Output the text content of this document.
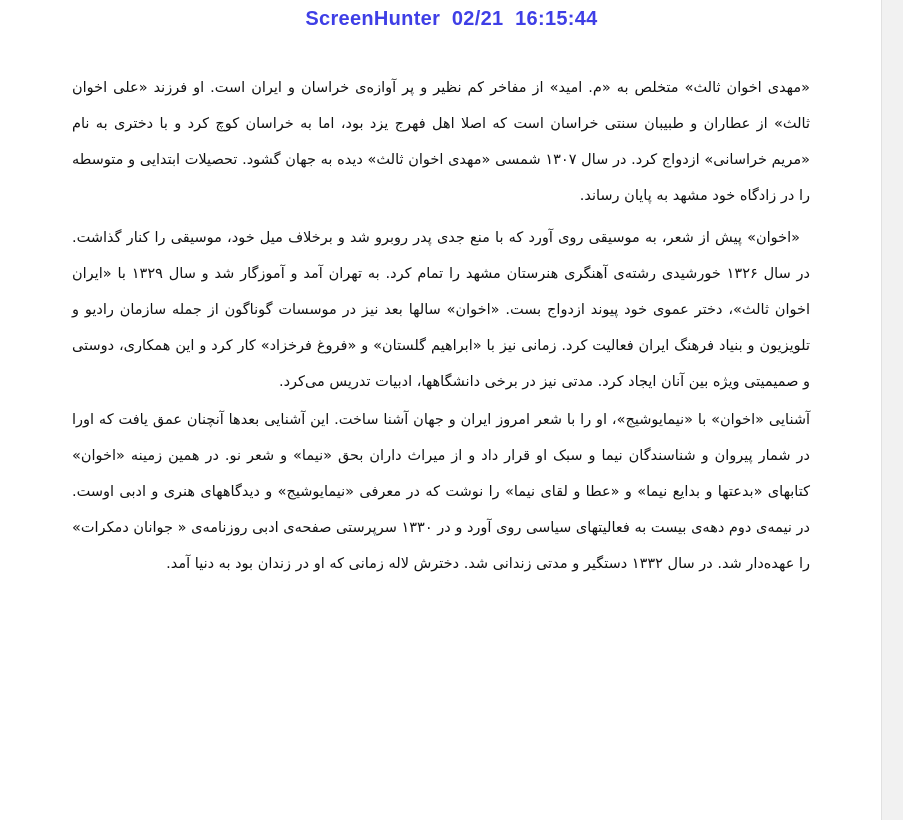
«مهدی اخوان ثالث» متخلص به «م. امید» از مفاخر کم نظیر و پر آوازه‌ی خراسان و ایران است. او فرزند «علی اخوان ثالث» از عطاران و طبیبان سنتی خراسان است که اصلا اهل فهرج یزد بود، اما به خراسان کوچ کرد و با دختری به نام «مریم خراسانی» ازدواج کرد. در سال ۱۳۰۷ شمسی «مهدی اخوان ثالث» دیده به جهان گشود. تحصیلات ابتدایی و متوسطه را در زادگاه خود مشهد به پایان رساند.

«اخوان» پیش از شعر، به موسیقی روی آورد که با منع جدی پدر روبرو شد و برخلاف میل خود، موسیقی را کنار گذاشت. در سال ۱۳۲۶ خورشیدی رشته‌ی آهنگری هنرستان مشهد را تمام کرد. به تهران آمد و آموزگار شد و سال ۱۳۲۹ با «ایران اخوان ثالث»، دختر عموی خود پیوند ازدواج بست. «اخوان» سالها بعد نیز در موسسات گوناگون از جمله سازمان رادیو و تلویزیون و بنیاد فرهنگ ایران فعالیت کرد. زمانی نیز با «ابراهیم گلستان» و «فروغ فرخزاد» کار کرد و این همکاری، دوستی و صمیمیتی ویژه بین آنان ایجاد کرد. مدتی نیز در برخی دانشگاهها، ادبیات تدریس می‌کرد.

آشنایی «اخوان» با «نیمایوشیج»، او را با شعر امروز ایران و جهان آشنا ساخت. این آشنایی بعدها آنچنان عمق یافت که اورا در شمار پیروان و شناسندگان نیما و سبک او قرار داد و از میراث داران بحق «نیما» و شعر نو. در همین زمینه «اخوان» کتابهای «بدعتها و بدایع نیما» و «عطا و لقای نیما» را نوشت که در معرفی «نیمایوشیج» و دیدگاههای هنری و ادبی اوست. در نیمه‌ی دوم دهه‌ی بیست به فعالیتهای سیاسی روی آورد و در ۱۳۳۰ سرپرستی صفحه‌ی ادبی روزنامه‌ی « جوانان دمکرات» را عهده‌دار شد. در سال ۱۳۳۲ دستگیر و مدتی زندانی شد. دخترش لاله زمانی که او در زندان بود به دنیا آمد.

ScreenHunter  02/21  16:15:44
